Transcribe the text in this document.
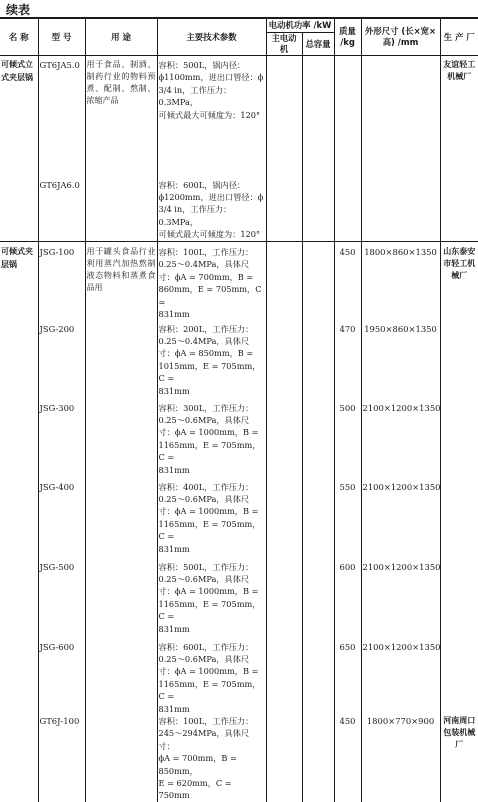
续表
名 称	型 号	用 途	主要技术参数	电动机功率 /kW		质量 /kg	外形尺寸 (长×宽×高) /mm	生 产 厂
				主电动机	总容量			
可倾式立式夹层锅	GT6JA5.0	用于食品、制酒、制药行业的物料预煮、配制、熬制、浓缩产品	容积：500L，锅内径：
ϕ1100mm，进出口管径：ϕ
3/4 in，工作压力：0.3MPa，
可倾式最大可倾度为：120°					友谊轻工机械厂
	GT6JA6.0		容积：600L，锅内径：
ϕ1200mm，进出口管径：ϕ
3/4 in，工作压力：0.3MPa，
可倾式最大可倾度为：120°					

可倾式夹层锅	JSG-100	用于罐头食品行业利用蒸汽加热熬制液态物料和蒸煮食品用	容积：100L，工作压力：
0.25～0.4MPa，具体尺
寸：ϕA = 700mm，B =
860mm，E = 705mm，C =
831mm			450	1800×860×1350	山东泰安市轻工机械厂
	JSG-200		容积：200L，工作压力：
0.25～0.4MPa，具体尺
寸：ϕA = 850mm，B =
1015mm，E = 705mm，C =
831mm			470	1950×860×1350	
	JSG-300		容积：300L，工作压力：
0.25～0.6MPa，具体尺
寸：ϕA = 1000mm，B =
1165mm，E = 705mm，C =
831mm			500	2100×1200×1350	
	JSG-400		容积：400L，工作压力：
0.25～0.6MPa，具体尺
寸：ϕA = 1000mm，B =
1165mm，E = 705mm，C =
831mm			550	2100×1200×1350	
	JSG-500		容积：500L，工作压力：
0.25～0.6MPa，具体尺
寸：ϕA = 1000mm，B =
1165mm，E = 705mm，C =
831mm			600	2100×1200×1350	
	JSG-600		容积：600L，工作压力：
0.25～0.6MPa，具体尺
寸：ϕA = 1000mm，B =
1165mm，E = 705mm，C =
831mm			650	2100×1200×1350	
	GT6J-100		容积：100L，工作压力：
245～294MPa，具体尺寸：
ϕA = 700mm，B = 850mm，
E = 620mm，C = 750mm			450	1800×770×900	河南周口包装机械厂
